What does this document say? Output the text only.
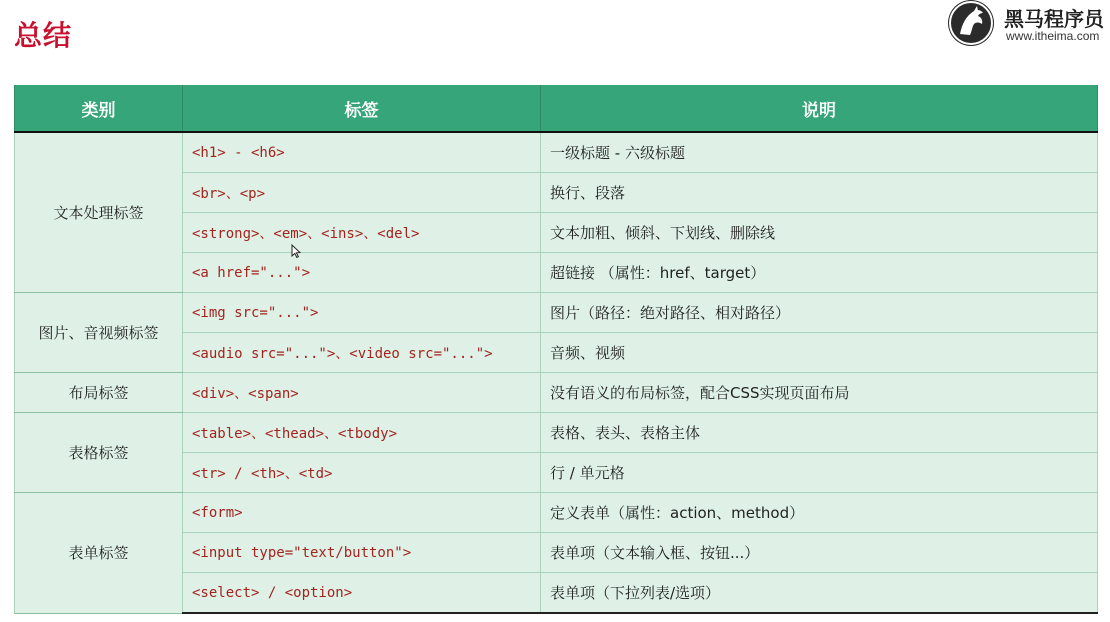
总结	黑马程序员
www.itheima.com
类别	标签	说明
文本处理标签	<h1> - <h6>	一级标题 - 六级标题
	<br>、<p>	换行、段落
	<strong>、<em>、<ins>、<del>	文本加粗、倾斜、下划线、删除线
	<a href="...">	超链接 （属性：href、target）
图片、音视频标签	<img src="...">	图片（路径：绝对路径、相对路径）
	<audio src="...">、<video src="...">	音频、视频
布局标签	<div>、<span>	没有语义的布局标签，配合CSS实现页面布局
表格标签	<table>、<thead>、<tbody>	表格、表头、表格主体
	<tr> / <th>、<td>	行 / 单元格
表单标签	<form>	定义表单（属性：action、method）
	<input type="text/button">	表单项（文本输入框、按钮...）
	<select> / <option>	表单项（下拉列表/选项）
